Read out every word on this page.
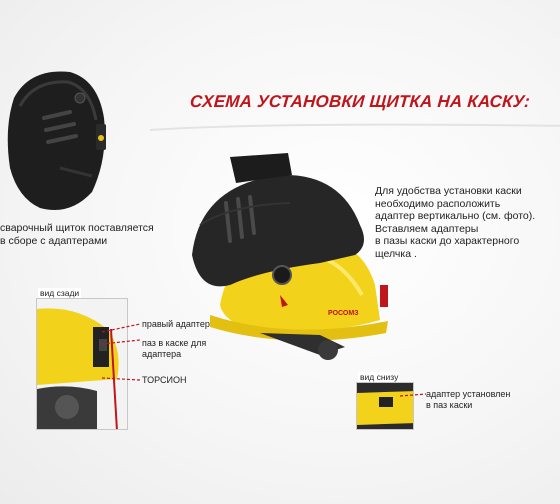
СХЕМА УСТАНОВКИ ЩИТКА НА КАСКУ:
сварочный щиток поставляется
в сборе с адаптерами
РОСОМЗ
Для удобства установки каски
необходимо расположить
адаптер вертикально (см. фото).
Вставляем адаптеры
в пазы каски до характерного
щелчка .
вид сзади
правый адаптер
паз в каске для
адаптера
ТОРСИОН	вид снизу
адаптер установлен
в паз каски
